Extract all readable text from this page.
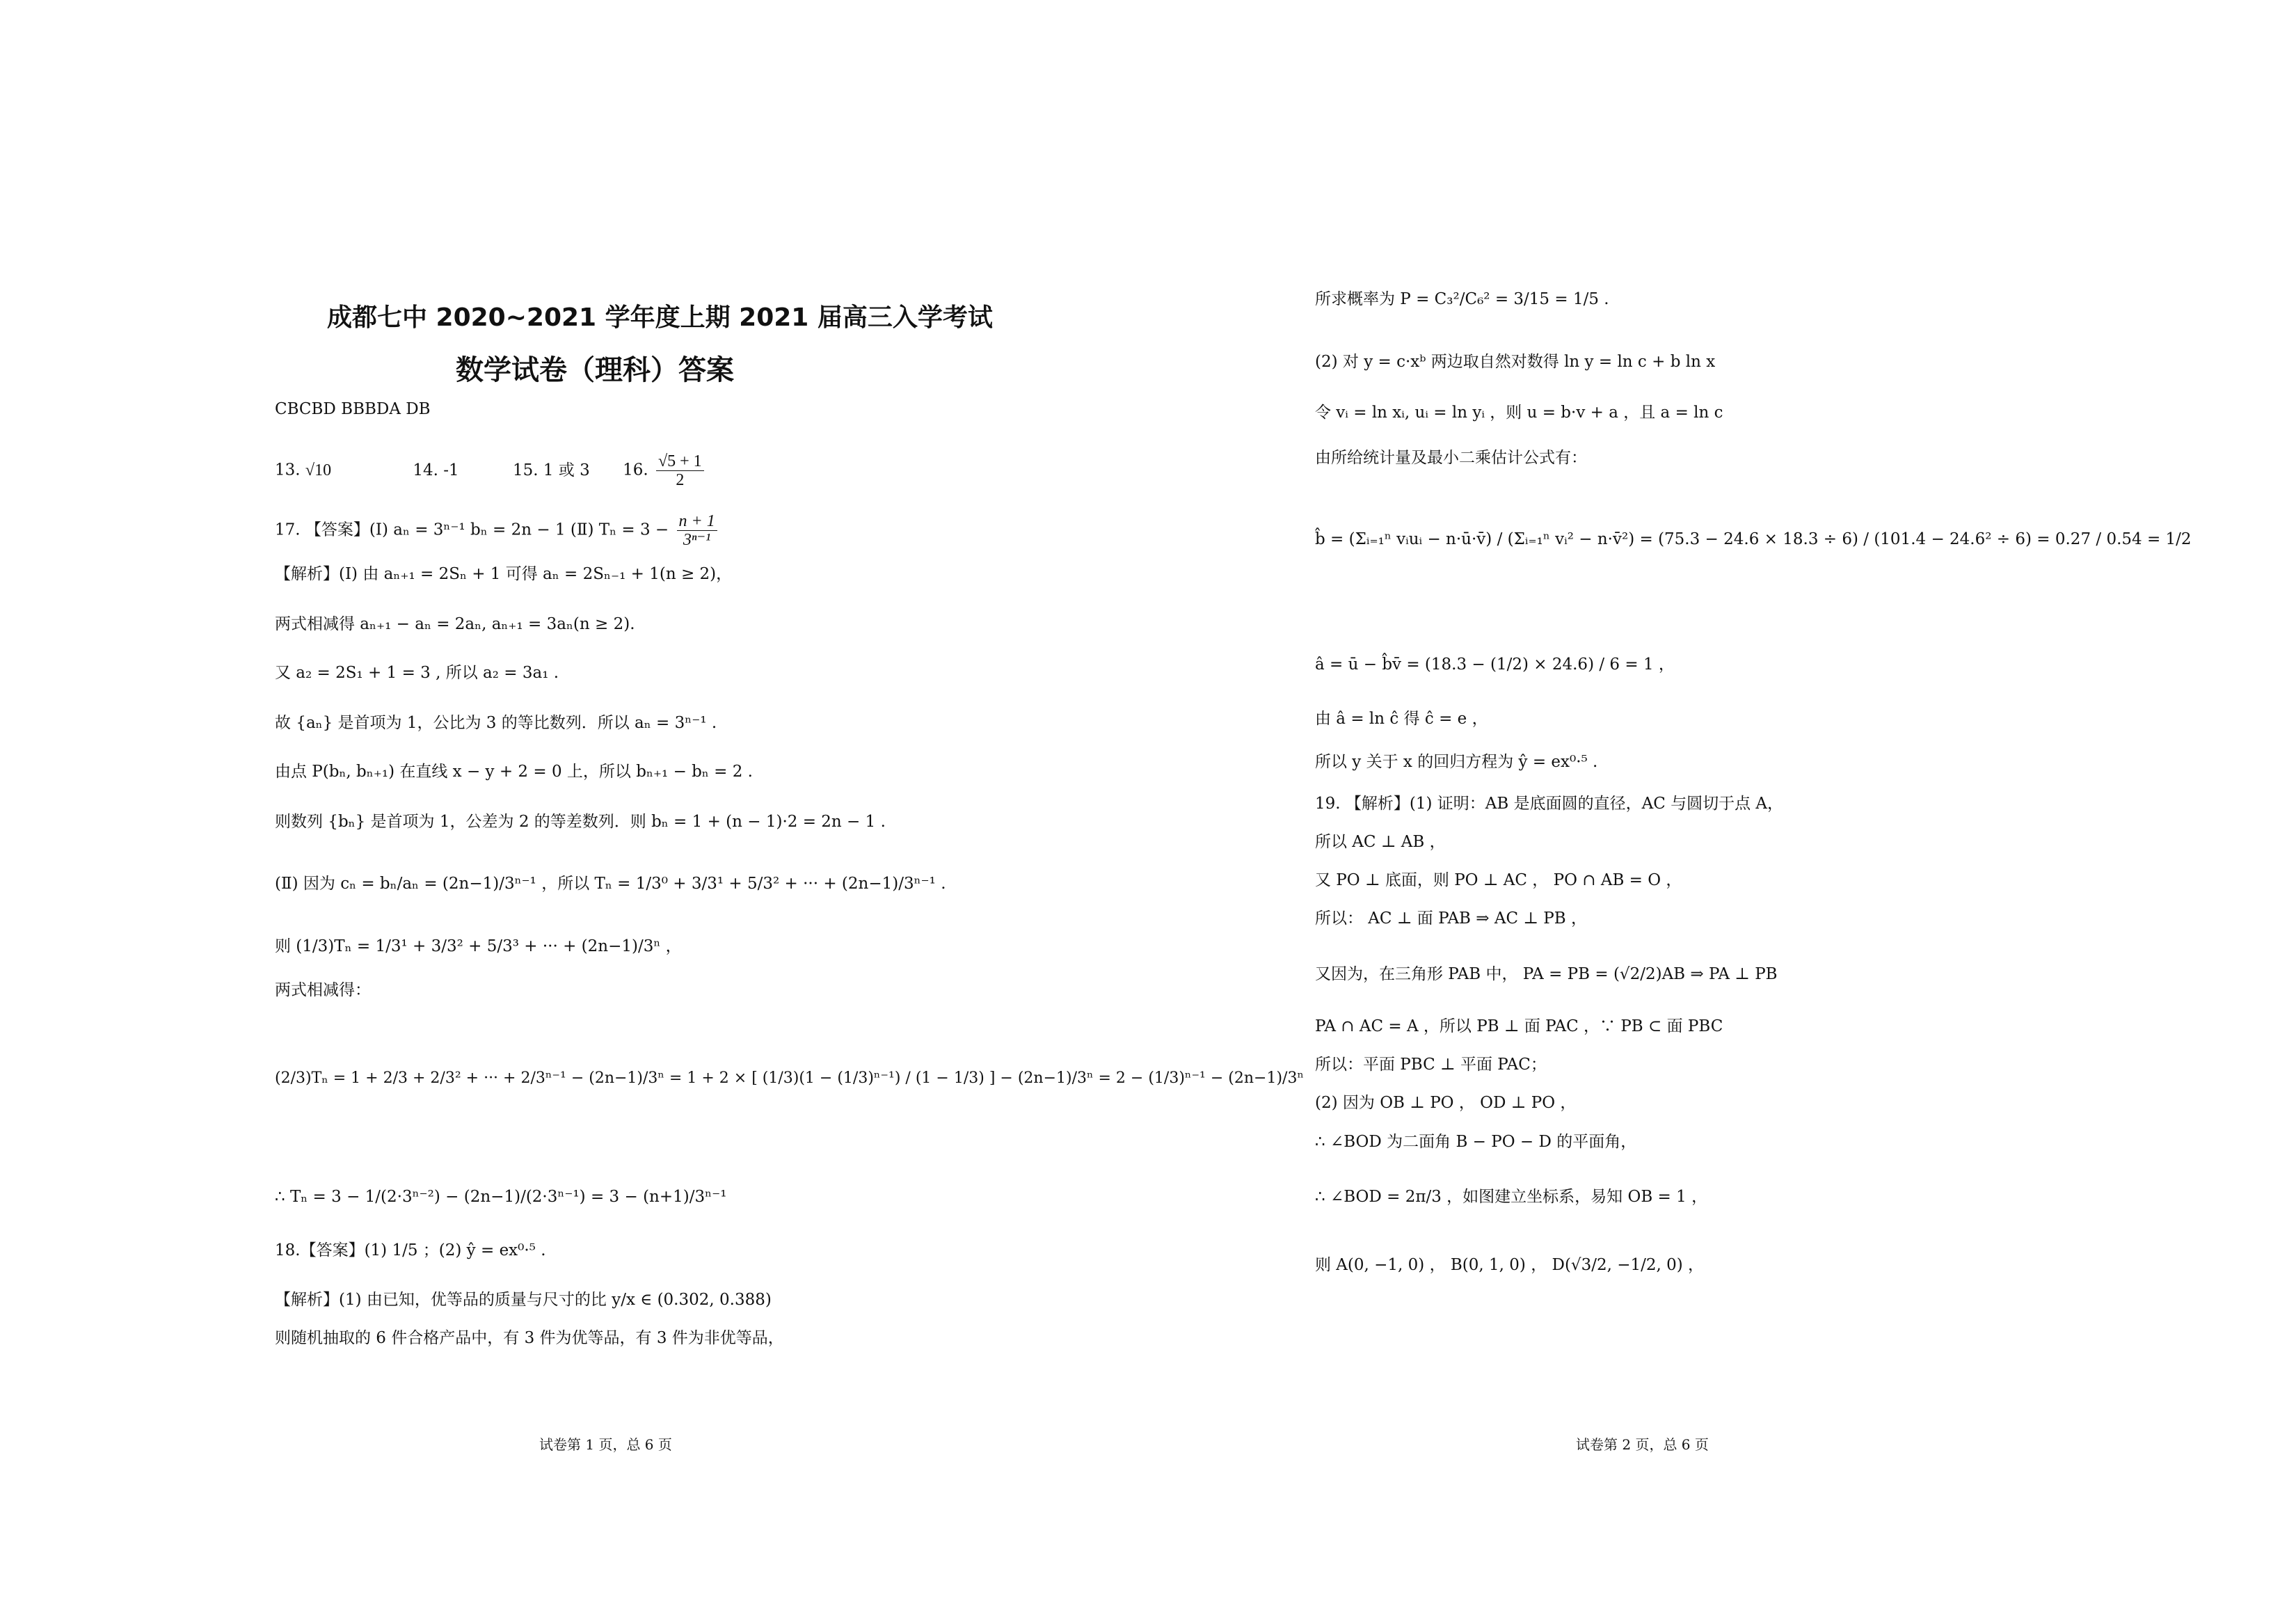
成都七中 2020~2021 学年度上期 2021 届高三入学考试
数学试卷（理科）答案
CBCBD BBBDA DB
13. √10	14. -1	15. 1 或 3 16. $\frac{√5 + 1}{2}$
17. 【答案】(Ⅰ) aₙ = 3ⁿ⁻¹ bₙ = 2n − 1 (Ⅱ) $T_n = 3 - \frac{n + 1}{\text{3ⁿ⁻¹}}$
【解析】(Ⅰ) 由 aₙ₊₁ = 2Sₙ + 1 可得 aₙ = 2Sₙ₋₁ + 1(n ≥ 2)，
两式相减得 aₙ₊₁ − aₙ = 2aₙ, aₙ₊₁ = 3aₙ(n ≥ 2).
又 a₂ = 2S₁ + 1 = 3 , 所以 a₂ = 3a₁ .
故 {aₙ} 是首项为 1，公比为 3 的等比数列．所以 aₙ = 3ⁿ⁻¹ .
由点 P(bₙ, bₙ₊₁) 在直线 x − y + 2 = 0 上，所以 bₙ₊₁ − bₙ = 2 .
则数列 {bₙ} 是首项为 1，公差为 2 的等差数列．则 bₙ = 1 + (n − 1)·2 = 2n − 1 .
(Ⅱ) 因为 cₙ = bₙ/aₙ = (2n−1)/3ⁿ⁻¹ ，所以 Tₙ = 1/3⁰ + 3/3¹ + 5/3² + ··· + (2n−1)/3ⁿ⁻¹ .
则 (1/3)Tₙ = 1/3¹ + 3/3² + 5/3³ + ··· + (2n−1)/3ⁿ ，
两式相减得：
(2/3)Tₙ = 1 + 2/3 + 2/3² + ··· + 2/3ⁿ⁻¹ − (2n−1)/3ⁿ = 1 + 2 × [ (1/3)(1 − (1/3)ⁿ⁻¹) / (1 − 1/3) ] − (2n−1)/3ⁿ = 2 − (1/3)ⁿ⁻¹ − (2n−1)/3ⁿ
∴ Tₙ = 3 − 1/(2·3ⁿ⁻²) − (2n−1)/(2·3ⁿ⁻¹) = 3 − (n+1)/3ⁿ⁻¹
18.【答案】(1) 1/5 ；(2) ŷ = ex⁰·⁵ .
【解析】(1) 由已知，优等品的质量与尺寸的比 y/x ∈ (0.302, 0.388)
则随机抽取的 6 件合格产品中，有 3 件为优等品，有 3 件为非优等品，
试卷第 1 页，总 6 页
所求概率为 P = C₃²/C₆² = 3/15 = 1/5 .
(2) 对 y = c·xᵇ 两边取自然对数得 ln y = ln c + b ln x
令 vᵢ = ln xᵢ, uᵢ = ln yᵢ ，则 u = b·v + a ，且 a = ln c
由所给统计量及最小二乘估计公式有：
b̂ = (Σᵢ₌₁ⁿ vᵢuᵢ − n·ū·v̄) / (Σᵢ₌₁ⁿ vᵢ² − n·v̄²) = (75.3 − 24.6 × 18.3 ÷ 6) / (101.4 − 24.6² ÷ 6) = 0.27 / 0.54 = 1/2
â = ū − b̂v̄ = (18.3 − (1/2) × 24.6) / 6 = 1 ，
由 â = ln ĉ 得 ĉ = e ，
所以 y 关于 x 的回归方程为 ŷ = ex⁰·⁵ .
19. 【解析】(1) 证明：AB 是底面圆的直径，AC 与圆切于点 A，
所以 AC ⊥ AB ，
又 PO ⊥ 底面，则 PO ⊥ AC ， PO ∩ AB = O ，
所以： AC ⊥ 面 PAB ⇒ AC ⊥ PB ，
又因为，在三角形 PAB 中， PA = PB = (√2/2)AB ⇒ PA ⊥ PB
PA ∩ AC = A ，所以 PB ⊥ 面 PAC ，∵ PB ⊂ 面 PBC
所以：平面 PBC ⊥ 平面 PAC；
(2) 因为 OB ⊥ PO ， OD ⊥ PO ，
∴ ∠BOD 为二面角 B − PO − D 的平面角，
∴ ∠BOD = 2π/3 ，如图建立坐标系，易知 OB = 1 ，
则 A(0, −1, 0) ， B(0, 1, 0) ， D(√3/2, −1/2, 0) ，
试卷第 2 页，总 6 页
